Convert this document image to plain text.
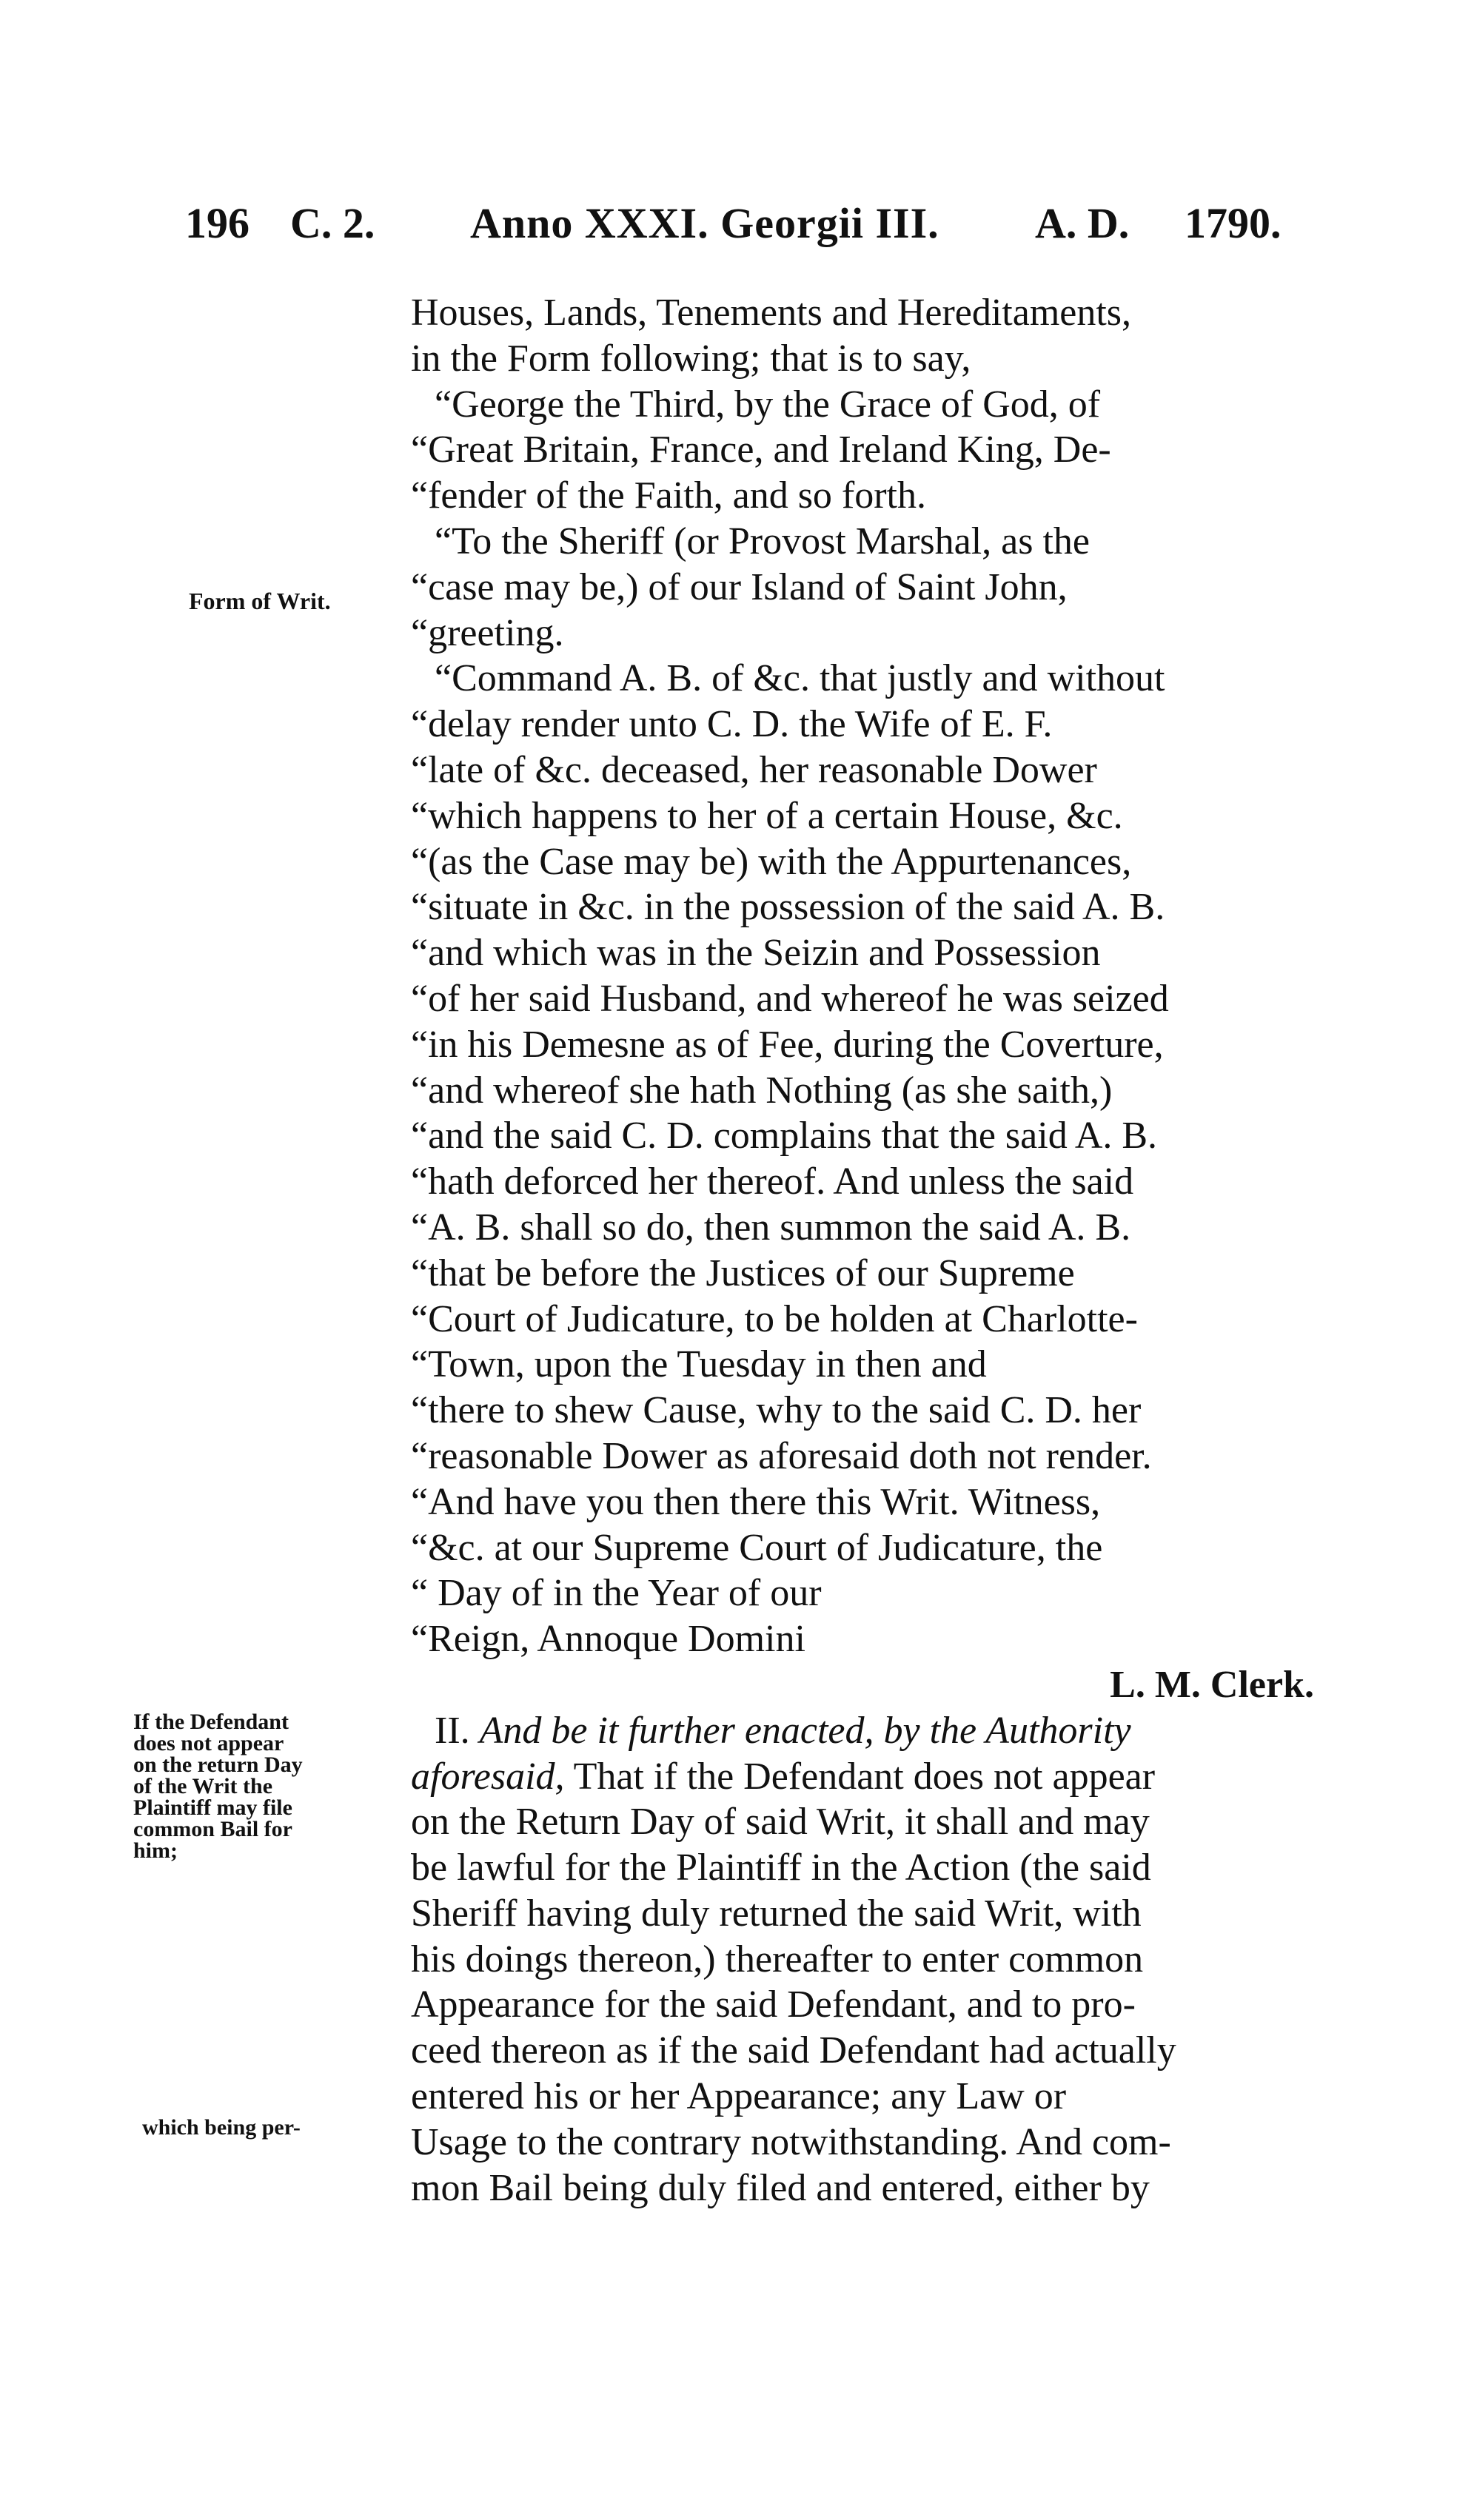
196 C. 2. Anno XXXI. Georgii III. A. D. 1790.
Form of Writ.
If the Defendant
does not appear
on the return Day
of the Writ the
Plaintiff may file
common Bail for
him;
which being per-
Houses, Lands, Tenements and Hereditaments,
in the Form following; that is to say,
“George the Third, by the Grace of God, of
“Great Britain, France, and Ireland King, De-
“fender of the Faith, and so forth.
“To the Sheriff (or Provost Marshal, as the
“case may be,) of our Island of Saint John,
“greeting.
“Command A. B. of &c. that justly and without
“delay render unto C. D. the Wife of E. F.
“late of &c. deceased, her reasonable Dower
“which happens to her of a certain House, &c.
“(as the Case may be) with the Appurtenances,
“situate in &c. in the possession of the said A. B.
“and which was in the Seizin and Possession
“of her said Husband, and whereof he was seized
“in his Demesne as of Fee, during the Coverture,
“and whereof she hath Nothing (as she saith,)
“and the said C. D. complains that the said A. B.
“hath deforced her thereof. And unless the said
“A. B. shall so do, then summon the said A. B.
“that be before the Justices of our Supreme
“Court of Judicature, to be holden at Charlotte-
“Town, upon the Tuesday in then and
“there to shew Cause, why to the said C. D. her
“reasonable Dower as aforesaid doth not render.
“And have you then there this Writ. Witness,
“&c. at our Supreme Court of Judicature, the
“ Day of in the Year of our
“Reign, Annoque Domini
L. M. Clerk.
II. And be it further enacted, by the Authority
aforesaid, That if the Defendant does not appear
on the Return Day of said Writ, it shall and may
be lawful for the Plaintiff in the Action (the said
Sheriff having duly returned the said Writ, with
his doings thereon,) thereafter to enter common
Appearance for the said Defendant, and to pro-
ceed thereon as if the said Defendant had actually
entered his or her Appearance; any Law or
Usage to the contrary notwithstanding. And com-
mon Bail being duly filed and entered, either by
